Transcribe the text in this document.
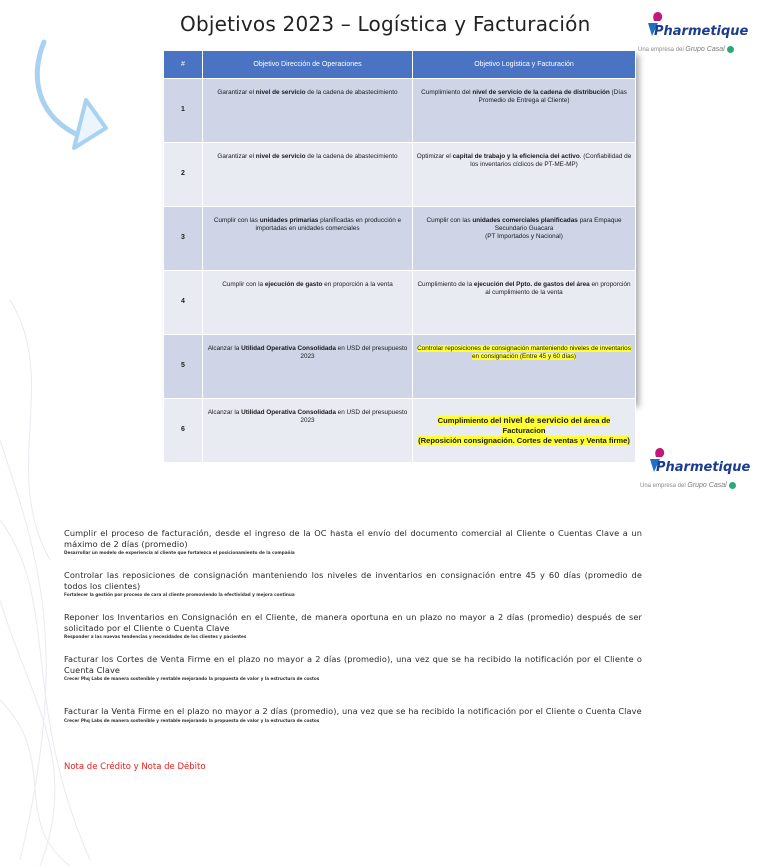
Objetivos 2023 – Logística y Facturación	Pharmetique
Una empresa del Grupo Casal
Pharmetique
Una empresa del Grupo Casal
#	Objetivo Dirección de Operaciones	Objetivo Logística y Facturación
1	Garantizar el nivel de servicio de la cadena de abastecimiento	Cumplimiento del nivel de servicio de la cadena de distribución (Días Promedio de Entrega al Cliente)
2	Garantizar el nivel de servicio de la cadena de abastecimiento	Optimizar el capital de trabajo y la eficiencia del activo. (Confiabilidad de los inventarios cíclicos de PT-ME-MP)
3	Cumplir con las unidades primarias planificadas en producción e importadas en unidades comerciales	Cumplir con las unidades comerciales planificadas para Empaque Secundario Guacara
(PT Importados y Nacional)
4	Cumplir con la ejecución de gasto en proporción a la venta	Cumplimiento de la ejecución del Ppto. de gastos del área en proporción al cumplimiento de la venta
5	Alcanzar la Utilidad Operativa Consolidada en USD del presupuesto 2023	Controlar reposiciones de consignación manteniendo niveles de inventarios en consignación (Entre 45 y 60 días)
6	Alcanzar la Utilidad Operativa Consolidada en USD del presupuesto 2023	Cumplimiento del nivel de servicio del área de Facturacion
(Reposición consignación. Cortes de ventas y Venta firme)
Cumplir el proceso de facturación, desde el ingreso de la OC hasta el envío del documento comercial al Cliente o Cuentas Clave a un máximo de 2 días (promedio)
Desarrollar un modelo de experiencia al cliente que fortalezca el posicionamiento de la compañía
Controlar las reposiciones de consignación manteniendo los niveles de inventarios en consignación entre 45 y 60 días (promedio de todos los clientes)
Fortalecer la gestión por proceso de cara al cliente promoviendo la efectividad y mejora continua
Reponer los Inventarios en Consignación en el Cliente, de manera oportuna en un plazo no mayor a 2 días (promedio) después de ser solicitado por el Cliente o Cuenta Clave
Responder a las nuevas tendencias y necesidades de los clientes y pacientes
Facturar los Cortes de Venta Firme en el plazo no mayor a 2 días (promedio), una vez que se ha recibido la notificación por el Cliente o Cuenta Clave
Crecer Phq Labs de manera sostenible y rentable mejorando la propuesta de valor y la estructura de costos
Facturar la Venta Firme en el plazo no mayor a 2 días (promedio), una vez que se ha recibido la notificación por el Cliente o Cuenta Clave
Crecer Phq Labs de manera sostenible y rentable mejorando la propuesta de valor y la estructura de costos
Nota de Crédito y Nota de Débito
